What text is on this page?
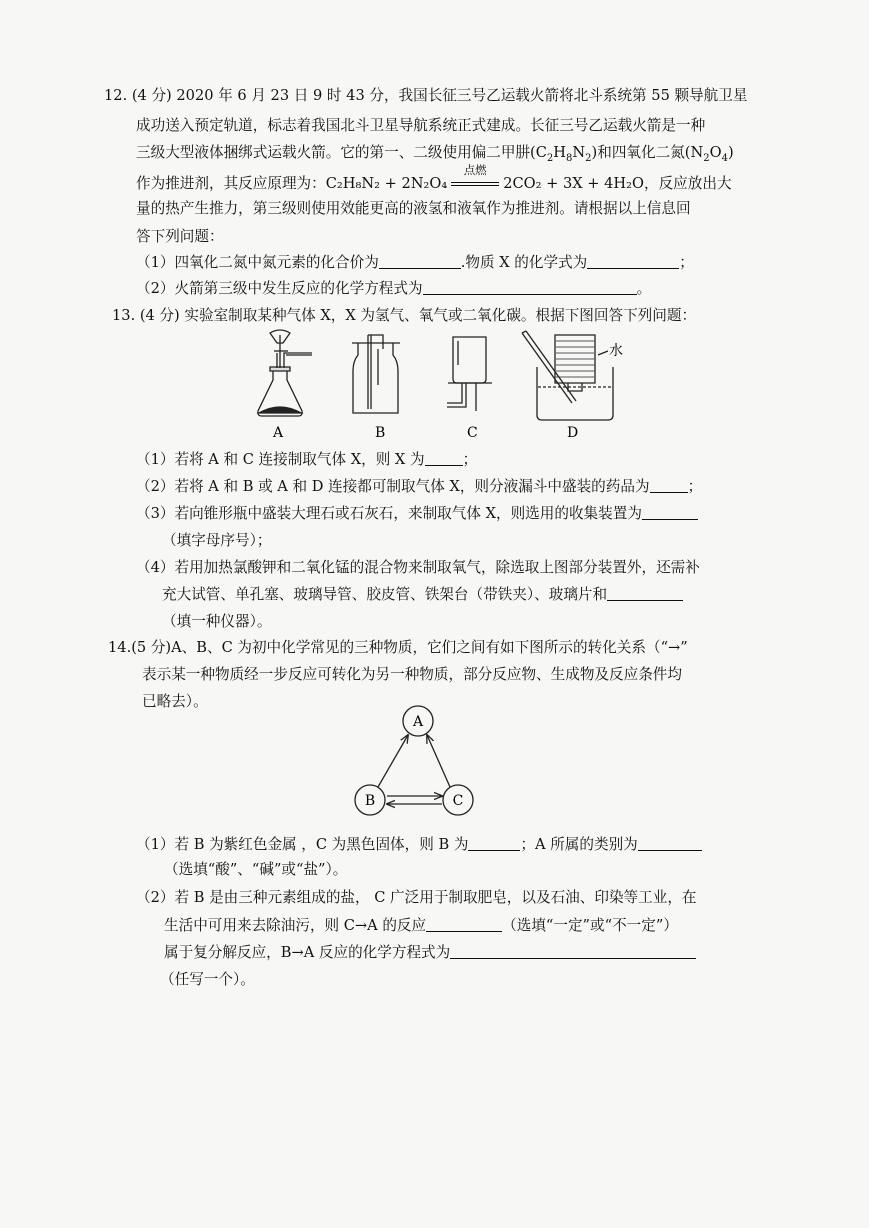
12. (4 分) 2020 年 6 月 23 日 9 时 43 分，我国长征三号乙运载火箭将北斗系统第 55 颗导航卫星
成功送入预定轨道，标志着我国北斗卫星导航系统正式建成。长征三号乙运载火箭是一种
三级大型液体捆绑式运载火箭。它的第一、二级使用偏二甲肼$(C_2H_8N_2)$和四氧化二氮$(N_2O_4)$
作为推进剂，其反应原理为：C₂H₈N₂ + 2N₂O₄
点燃
2CO₂ + 3X + 4H₂O，反应放出大
量的热产生推力，第三级则使用效能更高的液氢和液氧作为推进剂。请根据以上信息回
答下列问题：
（1）四氧化二氮中氮元素的化合价为	.物质 X 的化学式为	；
（2）火箭第三级中发生反应的化学方程式为	。
13. (4 分) 实验室制取某种气体 X，X 为氢气、氧气或二氧化碳。根据下图回答下列问题：
A	B	C	D
水
（1）若将 A 和 C 连接制取气体 X，则 X 为	；
（2）若将 A 和 B 或 A 和 D 连接都可制取气体 X，则分液漏斗中盛装的药品为	；
（3）若向锥形瓶中盛装大理石或石灰石，来制取气体 X，则选用的收集装置为
（填字母序号）；
（4）若用加热氯酸钾和二氧化锰的混合物来制取氧气，除选取上图部分装置外，还需补
充大试管、单孔塞、玻璃导管、胶皮管、铁架台（带铁夹）、玻璃片和
（填一种仪器）。
14.(5 分)A、B、C 为初中化学常见的三种物质，它们之间有如下图所示的转化关系（“→”
表示某一种物质经一步反应可转化为另一种物质，部分反应物、生成物及反应条件均
已略去）。
A
B	C
（1）若 B 为紫红色金属 ，C 为黑色固体，则 B 为	；A 所属的类别为
（选填“酸”、“碱”或“盐”）。
（2）若 B 是由三种元素组成的盐， C 广泛用于制取肥皂，以及石油、印染等工业，在
生活中可用来去除油污，则 C→A 的反应	（选填“一定”或“不一定”）
属于复分解反应，B→A 反应的化学方程式为
（任写一个）。
